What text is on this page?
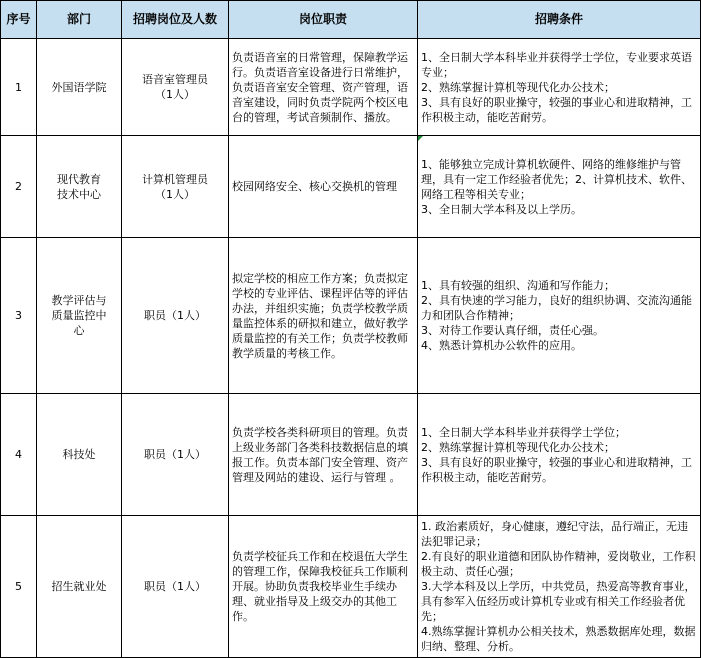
序号	部门	招聘岗位及人数	岗位职责	招聘条件

1	外国语学院	语音室管理员
（1人）	负责语音室的日常管理，保障教学运行。负责语音室设备进行日常维护，负责语音室安全管理、资产管理，语音室建设，同时负责学院两个校区电台的管理，考试音频制作、播放。	1、全日制大学本科毕业并获得学士学位，专业要求英语专业；
2、熟练掌握计算机等现代化办公技术；
3、具有良好的职业操守，较强的事业心和进取精神，工作积极主动，能吃苦耐劳。

2	现代教育
技术中心	计算机管理员
（1人）	校园网络安全、核心交换机的管理	1、能够独立完成计算机软硬件、网络的维修维护与管理，具有一定工作经验者优先；2、计算机技术、软件、网络工程等相关专业；
3、全日制大学本科及以上学历。

3	教学评估与
质量监控中
心	职员（1人）	拟定学校的相应工作方案；负责拟定学校的专业评估、课程评估等的评估办法，并组织实施；负责学校教学质量监控体系的研拟和建立，做好教学质量监控的有关工作；负责学校教师教学质量的考核工作。	1、具有较强的组织、沟通和写作能力；
2、具有快速的学习能力，良好的组织协调、交流沟通能力和团队合作精神；
3、对待工作要认真仔细，责任心强。
4、熟悉计算机办公软件的应用。

4	科技处	职员（1人）	负责学校各类科研项目的管理。负责上级业务部门各类科技数据信息的填报工作。负责本部门安全管理、资产管理及网站的建设、运行与管理 。	1、全日制大学本科毕业并获得学士学位；
2、熟练掌握计算机等现代化办公技术；
3、具有良好的职业操守，较强的事业心和进取精神，工作积极主动，能吃苦耐劳。

5	招生就业处	职员（1人）	负责学校征兵工作和在校退伍大学生的管理工作，保障我校征兵工作顺利开展。协助负责我校毕业生手续办理、就业指导及上级交办的其他工作。	1. 政治素质好，身心健康，遵纪守法，品行端正，无违法犯罪记录；
2.有良好的职业道德和团队协作精神，爱岗敬业，工作积极主动、责任心强；
3.大学本科及以上学历，中共党员，热爱高等教育事业，具有参军入伍经历或计算机专业或有相关工作经验者优先；
4.熟练掌握计算机办公相关技术，熟悉数据库处理，数据归纳、整理、分析。
